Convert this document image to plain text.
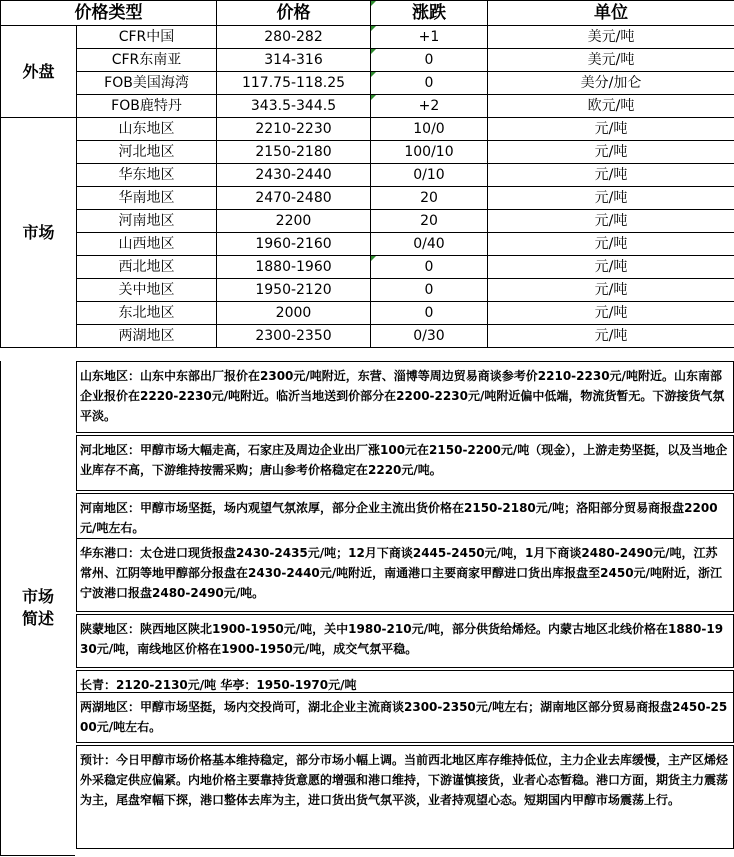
价格类型		价格	涨跌	单位
外盘	CFR中国	280-282	+1	美元/吨
	CFR东南亚	314-316	0	美元/吨
	FOB美国海湾	117.75-118.25	0	美分/加仑
	FOB鹿特丹	343.5-344.5	+2	欧元/吨
市场	山东地区	2210-2230	10/0	元/吨
	河北地区	2150-2180	100/10	元/吨
	华东地区	2430-2440	0/10	元/吨
	华南地区	2470-2480	20	元/吨
	河南地区	2200	20	元/吨
	山西地区	1960-2160	0/40	元/吨
	西北地区	1880-1960	0	元/吨
	关中地区	1950-2120	0	元/吨
	东北地区	2000	0	元/吨
	两湖地区	2300-2350	0/30	元/吨
市场简述
山东地区：山东中东部出厂报价在2300元/吨附近，东营、淄博等周边贸易商谈参考价2210-2230元/吨附近。山东南部企业报价在2220-2230元/吨附近。临沂当地送到价部分在2200-2230元/吨附近偏中低端，物流货暂无。下游接货气氛平淡。
河北地区：甲醇市场大幅走高，石家庄及周边企业出厂涨100元在2150-2200元/吨（现金），上游走势坚挺，以及当地企业库存不高，下游维持按需采购；唐山参考价格稳定在2220元/吨。
河南地区：甲醇市场坚挺，场内观望气氛浓厚，部分企业主流出货价格在2150-2180元/吨；洛阳部分贸易商报盘2200元/吨左右。
华东港口：太仓进口现货报盘2430-2435元/吨；12月下商谈2445-2450元/吨，1月下商谈2480-2490元/吨，江苏常州、江阴等地甲醇部分报盘在2430-2440元/吨附近，南通港口主要商家甲醇进口货出库报盘至2450元/吨附近，浙江宁波港口报盘2480-2490元/吨。
陕蒙地区：陕西地区陕北1900-1950元/吨，关中1980-210元/吨，部分供货给烯烃。内蒙古地区北线价格在1880-1930元/吨，南线地区价格在1900-1950元/吨，成交气氛平稳。
长青：2120-2130元/吨 华亭：1950-1970元/吨
两湖地区：甲醇市场坚挺，场内交投尚可，湖北企业主流商谈2300-2350元/吨左右；湖南地区部分贸易商报盘2450-2500元/吨左右。
预计：今日甲醇市场价格基本维持稳定，部分市场小幅上调。当前西北地区库存维持低位，主力企业去库缓慢，主产区烯烃外采稳定供应偏紧。内地价格主要靠持货意愿的增强和港口维持，下游谨慎接货，业者心态暂稳。港口方面，期货主力震荡为主，尾盘窄幅下探，港口整体去库为主，进口货出货气氛平淡，业者持观望心态。短期国内甲醇市场震荡上行。
